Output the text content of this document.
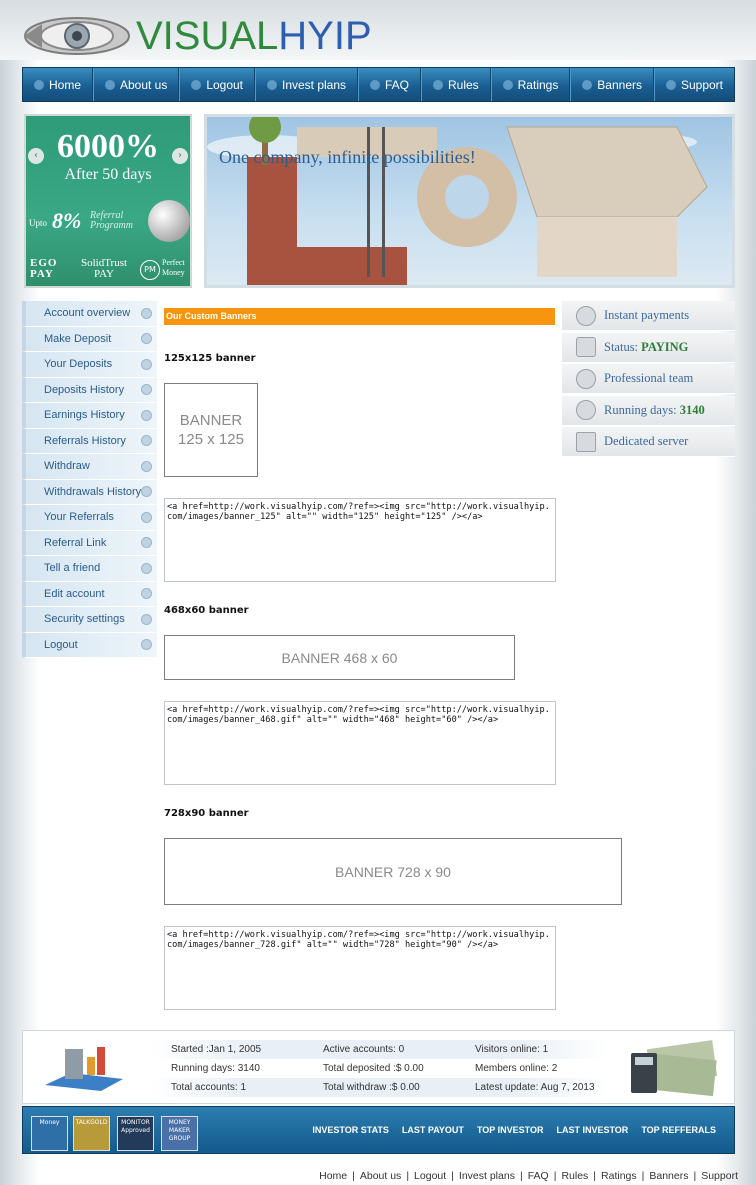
VISUALHYIP
Home	About us	Logout	Invest plans	FAQ	Rules	Ratings	Banners	Support
‹	›
6000%
After 50 days
Upto 8% Referral Programm
EGO PAY
SolidTrust PAY	PM
Perfect Money
One company, infinite possibilities!
Account overview
Make Deposit
Your Deposits
Deposits History
Earnings History
Referrals History
Withdraw
Withdrawals History
Your Referrals
Referral Link
Tell a friend
Edit account
Security settings
Logout
Our Custom Banners
125x125 banner
BANNER
125 x 125
<a href=http://work.visualhyip.com/?ref=><img src="http://work.visualhyip.com/images/banner_125" alt="" width="125" height="125" /></a>
468x60 banner
BANNER 468 x 60
<a href=http://work.visualhyip.com/?ref=><img src="http://work.visualhyip.com/images/banner_468.gif" alt="" width="468" height="60" /></a>
728x90 banner
BANNER 728 x 90
<a href=http://work.visualhyip.com/?ref=><img src="http://work.visualhyip.com/images/banner_728.gif" alt="" width="728" height="90" /></a>
Instant payments
Status: PAYING
Professional team
Running days: 3140
Dedicated server
Started :Jan 1, 2005	Active accounts: 0	Visitors online: 1
Running days: 3140	Total deposited :$ 0.00	Members online: 2
Total accounts: 1	Total withdraw :$ 0.00	Latest update: Aug 7, 2013
Money	TALKGOLD	MONITOR Approved
MONEY MAKER GROUP
INVESTOR STATS LAST PAYOUT TOP INVESTOR LAST INVESTOR TOP REFFERALS
Home | About us | Logout | Invest plans | FAQ | Rules | Ratings | Banners | Support
